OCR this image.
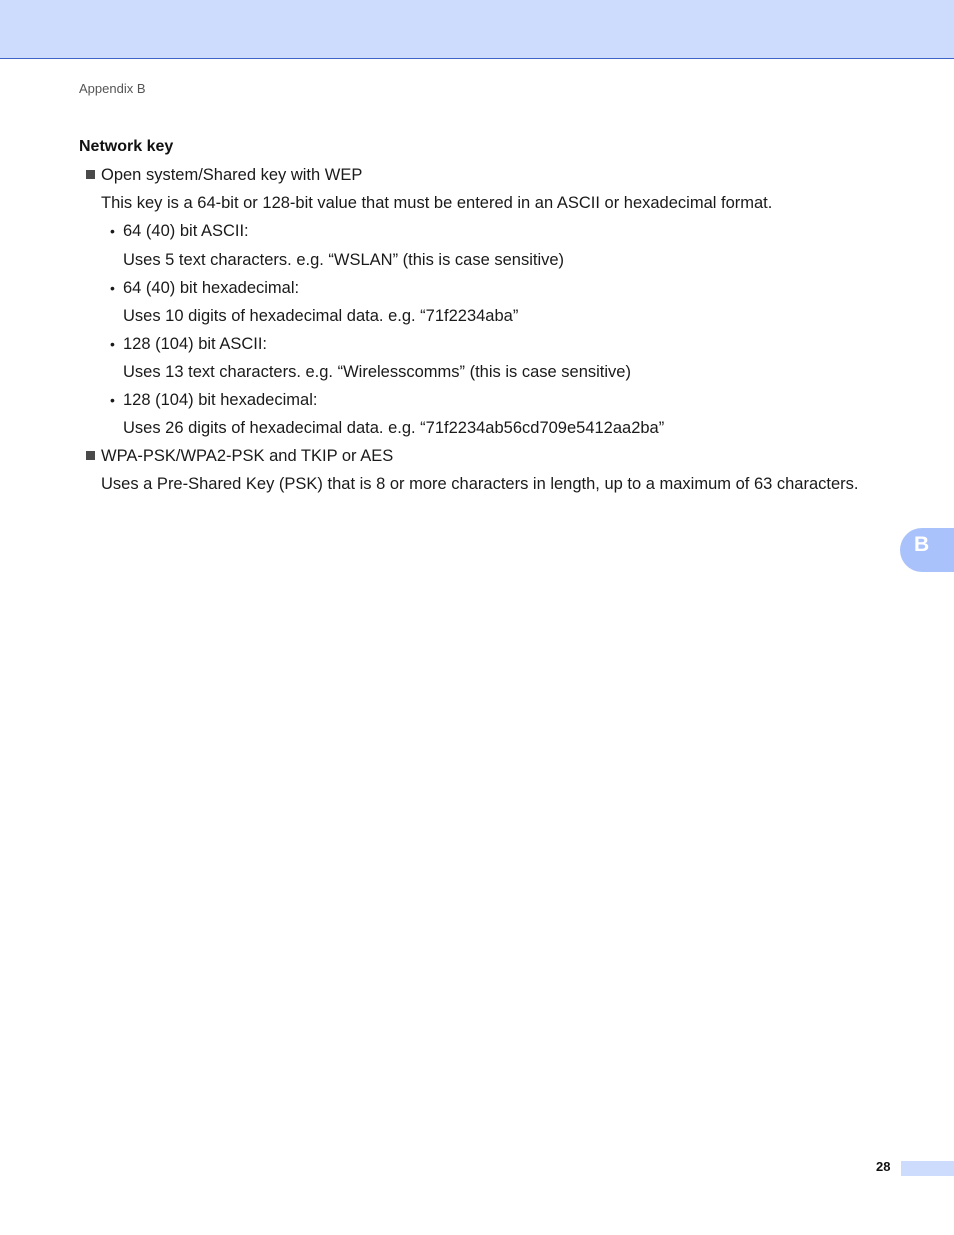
Appendix B
Network key
Open system/Shared key with WEP
This key is a 64-bit or 128-bit value that must be entered in an ASCII or hexadecimal format.
• 64 (40) bit ASCII:
Uses 5 text characters. e.g. “WSLAN” (this is case sensitive)
• 64 (40) bit hexadecimal:
Uses 10 digits of hexadecimal data. e.g. “71f2234aba”
• 128 (104) bit ASCII:
Uses 13 text characters. e.g. “Wirelesscomms” (this is case sensitive)
• 128 (104) bit hexadecimal:
Uses 26 digits of hexadecimal data. e.g. “71f2234ab56cd709e5412aa2ba”
WPA-PSK/WPA2-PSK and TKIP or AES
Uses a Pre-Shared Key (PSK) that is 8 or more characters in length, up to a maximum of 63 characters.
B
28
